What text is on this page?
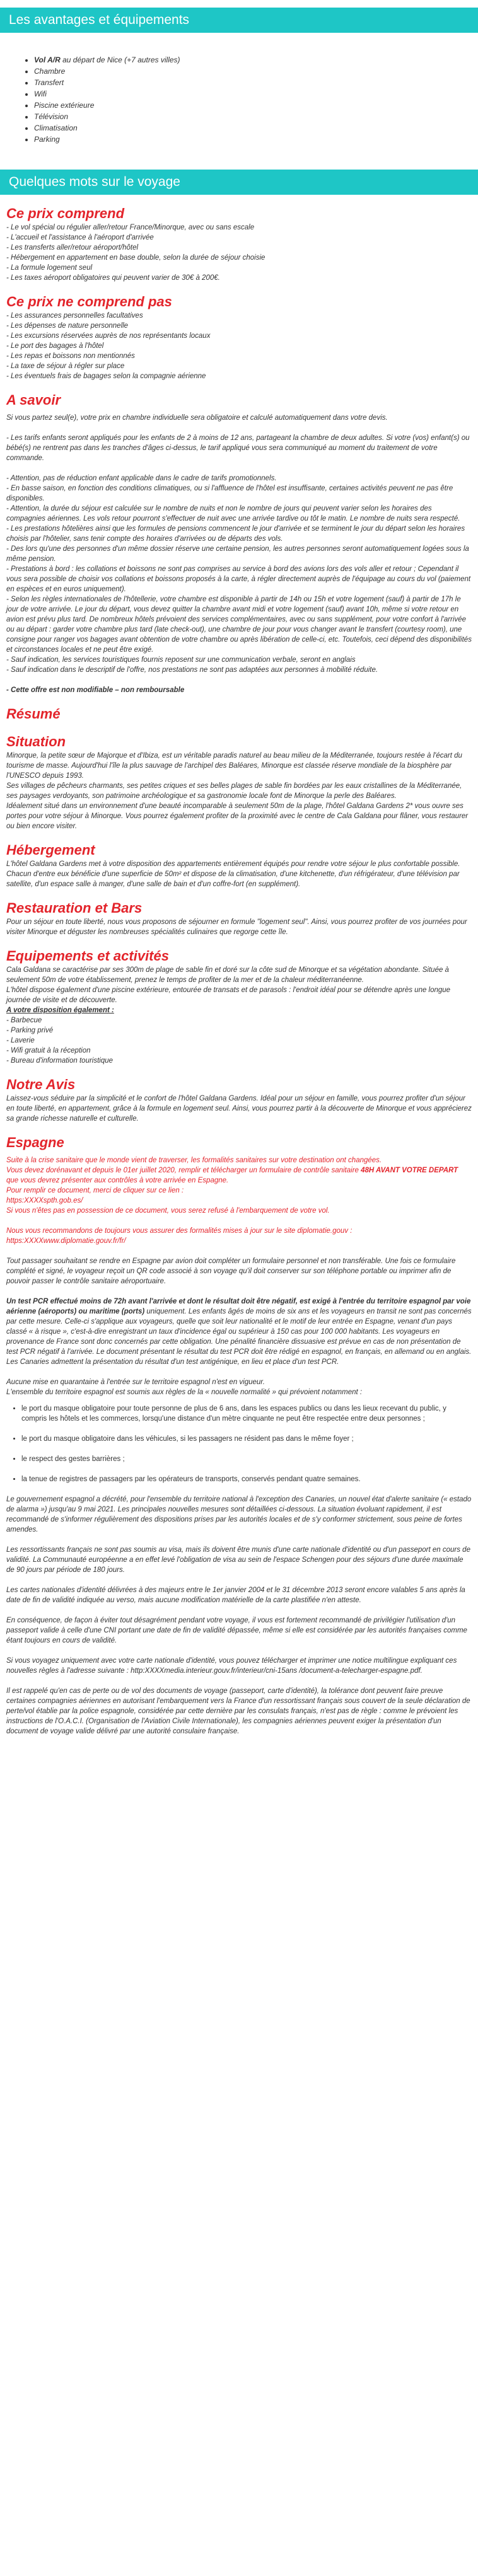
Les avantages et équipements
• Vol A/R au départ de Nice (+7 autres villes)
• Chambre
• Transfert
• Wifi
• Piscine extérieure
• Télévision
• Climatisation
• Parking
Quelques mots sur le voyage
Ce prix comprend

- Le vol spécial ou régulier aller/retour France/Minorque, avec ou sans escale

- L'accueil et l'assistance à l'aéroport d'arrivée

- Les transferts aller/retour aéroport/hôtel

- Hébergement en appartement en base double, selon la durée de séjour choisie

- La formule logement seul

- Les taxes aéroport obligatoires qui peuvent varier de 30€ à 200€.

Ce prix ne comprend pas

- Les assurances personnelles facultatives

- Les dépenses de nature personnelle

- Les excursions réservées auprès de nos représentants locaux

- Le port des bagages à l'hôtel

- Les repas et boissons non mentionnés

- La taxe de séjour à régler sur place

- Les éventuels frais de bagages selon la compagnie aérienne

A savoir

Si vous partez seul(e), votre prix en chambre individuelle sera obligatoire et calculé automatiquement dans votre devis.

- Les tarifs enfants seront appliqués pour les enfants de 2 à moins de 12 ans, partageant la chambre de deux adultes. Si votre (vos) enfant(s) ou bébé(s) ne rentrent pas dans les tranches d'âges ci-dessus, le tarif appliqué vous sera communiqué au moment du traitement de votre commande.

- Attention, pas de réduction enfant applicable dans le cadre de tarifs promotionnels.

- En basse saison, en fonction des conditions climatiques, ou si l'affluence de l'hôtel est insuffisante, certaines activités peuvent ne pas être disponibles.

- Attention, la durée du séjour est calculée sur le nombre de nuits et non le nombre de jours qui peuvent varier selon les horaires des compagnies aériennes. Les vols retour pourront s'effectuer de nuit avec une arrivée tardive ou tôt le matin. Le nombre de nuits sera respecté.

- Les prestations hôtelières ainsi que les formules de pensions commencent le jour d'arrivée et se terminent le jour du départ selon les horaires choisis par l'hôtelier, sans tenir compte des horaires d'arrivées ou de départs des vols.

- Des lors qu'une des personnes d'un même dossier réserve une certaine pension, les autres personnes seront automatiquement logées sous la même pension.

- Prestations à bord : les collations et boissons ne sont pas comprises au service à bord des avions lors des vols aller et retour ; Cependant il vous sera possible de choisir vos collations et boissons proposés à la carte, à régler directement auprès de l'équipage au cours du vol (paiement en espèces et en euros uniquement).

- Selon les règles internationales de l'hôtellerie, votre chambre est disponible à partir de 14h ou 15h et votre logement (sauf) à partir de 17h le jour de votre arrivée. Le jour du départ, vous devez quitter la chambre avant midi et votre logement (sauf) avant 10h, même si votre retour en avion est prévu plus tard. De nombreux hôtels prévoient des services complémentaires, avec ou sans supplément, pour votre confort à l'arrivée ou au départ : garder votre chambre plus tard (late check-out), une chambre de jour pour vous changer avant le transfert (courtesy room), une consigne pour ranger vos bagages avant obtention de votre chambre ou après libération de celle-ci, etc. Toutefois, ceci dépend des disponibilités et circonstances locales et ne peut être exigé.

- Sauf indication, les services touristiques fournis reposent sur une communication verbale, seront en anglais

- Sauf indication dans le descriptif de l'offre, nos prestations ne sont pas adaptées aux personnes à mobilité réduite.

- Cette offre est non modifiable – non remboursable

Résumé
Situation

Minorque, la petite sœur de Majorque et d'Ibiza, est un véritable paradis naturel au beau milieu de la Méditerranée, toujours restée à l'écart du tourisme de masse. Aujourd'hui l'île la plus sauvage de l'archipel des Baléares, Minorque est classée réserve mondiale de la biosphère par l'UNESCO depuis 1993.

Ses villages de pêcheurs charmants, ses petites criques et ses belles plages de sable fin bordées par les eaux cristallines de la Méditerranée, ses paysages verdoyants, son patrimoine archéologique et sa gastronomie locale font de Minorque la perle des Baléares.

Idéalement situé dans un environnement d'une beauté incomparable à seulement 50m de la plage, l'hôtel Galdana Gardens 2* vous ouvre ses portes pour votre séjour à Minorque. Vous pourrez également profiter de la proximité avec le centre de Cala Galdana pour flâner, vous restaurer ou bien encore visiter.

Hébergement

L'hôtel Galdana Gardens met à votre disposition des appartements entièrement équipés pour rendre votre séjour le plus confortable possible. Chacun d'entre eux bénéficie d'une superficie de 50m² et dispose de la climatisation, d'une kitchenette, d'un réfrigérateur, d'une télévision par satellite, d'un espace salle à manger, d'une salle de bain et d'un coffre-fort (en supplément).

Restauration et Bars

Pour un séjour en toute liberté, nous vous proposons de séjourner en formule "logement seul". Ainsi, vous pourrez profiter de vos journées pour visiter Minorque et déguster les nombreuses spécialités culinaires que regorge cette île.

Equipements et activités

Cala Galdana se caractérise par ses 300m de plage de sable fin et doré sur la côte sud de Minorque et sa végétation abondante. Située à seulement 50m de votre établissement, prenez le temps de profiter de la mer et de la chaleur méditerranéenne.

L'hôtel dispose également d'une piscine extérieure, entourée de transats et de parasols : l'endroit idéal pour se détendre après une longue journée de visite et de découverte.

A votre disposition également :

- Barbecue

- Parking privé

- Laverie

- Wifi gratuit à la réception

- Bureau d'information touristique

Notre Avis

Laissez-vous séduire par la simplicité et le confort de l'hôtel Galdana Gardens. Idéal pour un séjour en famille, vous pourrez profiter d'un séjour en toute liberté, en appartement, grâce à la formule en logement seul. Ainsi, vous pourrez partir à la découverte de Minorque et vous apprécierez sa grande richesse naturelle et culturelle.

Espagne

Suite à la crise sanitaire que le monde vient de traverser, les formalités sanitaires sur votre destination ont changées.

Vous devez dorénavant et depuis le 01er juillet 2020, remplir et télécharger un formulaire de contrôle sanitaire 48H AVANT VOTRE DEPART que vous devrez présenter aux contrôles à votre arrivée en Espagne.

Pour remplir ce document, merci de cliquer sur ce lien :

https:XXXXspth.gob.es/

Si vous n'êtes pas en possession de ce document, vous serez refusé à l'embarquement de votre vol.

Nous vous recommandons de toujours vous assurer des formalités mises à jour sur le site diplomatie.gouv : https:XXXXwww.diplomatie.gouv.fr/fr/

Tout passager souhaitant se rendre en Espagne par avion doit compléter un formulaire personnel et non transférable. Une fois ce formulaire complété et signé, le voyageur reçoit un QR code associé à son voyage qu'il doit conserver sur son téléphone portable ou imprimer afin de pouvoir passer le contrôle sanitaire aéroportuaire.

Un test PCR effectué moins de 72h avant l'arrivée et dont le résultat doit être négatif, est exigé à l'entrée du territoire espagnol par voie aérienne (aéroports) ou maritime (ports) uniquement. Les enfants âgés de moins de six ans et les voyageurs en transit ne sont pas concernés par cette mesure. Celle-ci s'applique aux voyageurs, quelle que soit leur nationalité et le motif de leur entrée en Espagne, venant d'un pays classé « à risque », c'est-à-dire enregistrant un taux d'incidence égal ou supérieur à 150 cas pour 100 000 habitants. Les voyageurs en provenance de France sont donc concernés par cette obligation. Une pénalité financière dissuasive est prévue en cas de non présentation de test PCR négatif à l'arrivée. Le document présentant le résultat du test PCR doit être rédigé en espagnol, en français, en allemand ou en anglais. Les Canaries admettent la présentation du résultat d'un test antigénique, en lieu et place d'un test PCR.

Aucune mise en quarantaine à l'entrée sur le territoire espagnol n'est en vigueur.

L'ensemble du territoire espagnol est soumis aux règles de la « nouvelle normalité » qui prévoient notamment :

• le port du masque obligatoire pour toute personne de plus de 6 ans, dans les espaces publics ou dans les lieux recevant du public, y compris les hôtels et les commerces, lorsqu'une distance d'un mètre cinquante ne peut être respectée entre deux personnes ;
• le port du masque obligatoire dans les véhicules, si les passagers ne résident pas dans le même foyer ;
• le respect des gestes barrières ;
• la tenue de registres de passagers par les opérateurs de transports, conservés pendant quatre semaines.

Le gouvernement espagnol a décrété, pour l'ensemble du territoire national à l'exception des Canaries, un nouvel état d'alerte sanitaire (« estado de alarma ») jusqu'au 9 mai 2021. Les principales nouvelles mesures sont détaillées ci-dessous. La situation évoluant rapidement, il est recommandé de s'informer régulièrement des dispositions prises par les autorités locales et de s'y conformer strictement, sous peine de fortes amendes.

Les ressortissants français ne sont pas soumis au visa, mais ils doivent être munis d'une carte nationale d'identité ou d'un passeport en cours de validité. La Communauté européenne a en effet levé l'obligation de visa au sein de l'espace Schengen pour des séjours d'une durée maximale de 90 jours par période de 180 jours.

Les cartes nationales d'identité délivrées à des majeurs entre le 1er janvier 2004 et le 31 décembre 2013 seront encore valables 5 ans après la date de fin de validité indiquée au verso, mais aucune modification matérielle de la carte plastifiée n'en atteste.

En conséquence, de façon à éviter tout désagrément pendant votre voyage, il vous est fortement recommandé de privilégier l'utilisation d'un passeport valide à celle d'une CNI portant une date de fin de validité dépassée, même si elle est considérée par les autorités françaises comme étant toujours en cours de validité.

Si vous voyagez uniquement avec votre carte nationale d'identité, vous pouvez télécharger et imprimer une notice multilingue expliquant ces nouvelles règles à l'adresse suivante : http:XXXXmedia.interieur.gouv.fr/interieur/cni-15ans /document-a-telecharger-espagne.pdf.

Il est rappelé qu'en cas de perte ou de vol des documents de voyage (passeport, carte d'identité), la tolérance dont peuvent faire preuve certaines compagnies aériennes en autorisant l'embarquement vers la France d'un ressortissant français sous couvert de la seule déclaration de perte/vol établie par la police espagnole, considérée par cette dernière par les consulats français, n'est pas de règle : comme le prévoient les instructions de l'O.A.C.I. (Organisation de l'Aviation Civile Internationale), les compagnies aériennes peuvent exiger la présentation d'un document de voyage valide délivré par une autorité consulaire française.
